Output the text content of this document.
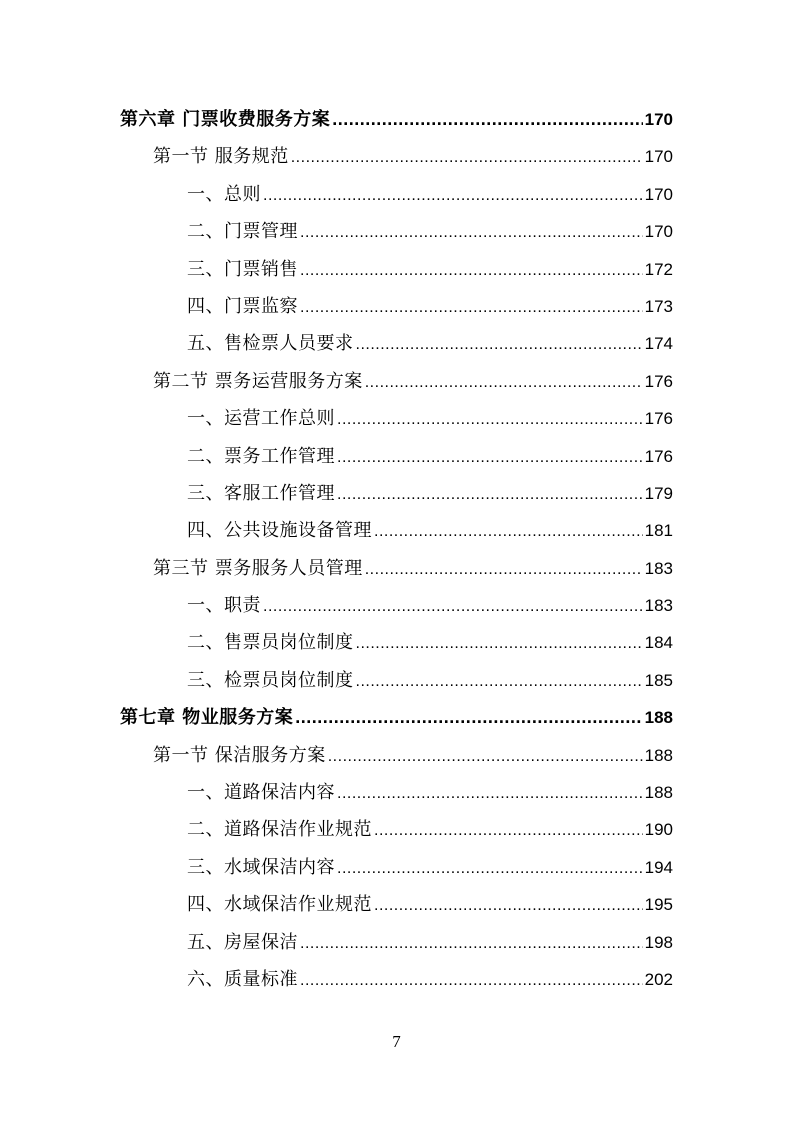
第六章 门票收费服务方案 .....	170
第一节 服务规范 .....	170
一、总则 .....	170
二、门票管理 .....	170
三、门票销售 .....	172
四、门票监察 .....	173
五、售检票人员要求 .....	174
第二节 票务运营服务方案 .....	176
一、运营工作总则 .....	176
二、票务工作管理 .....	176
三、客服工作管理 .....	179
四、公共设施设备管理 .....	181
第三节 票务服务人员管理 .....	183
一、职责 .....	183
二、售票员岗位制度 .....	184
三、检票员岗位制度 .....	185
第七章 物业服务方案 .....	188
第一节 保洁服务方案 .....	188
一、道路保洁内容 .....	188
二、道路保洁作业规范 .....	190
三、水域保洁内容 .....	194
四、水域保洁作业规范 .....	195
五、房屋保洁 .....	198
六、质量标准 .....	202
7
